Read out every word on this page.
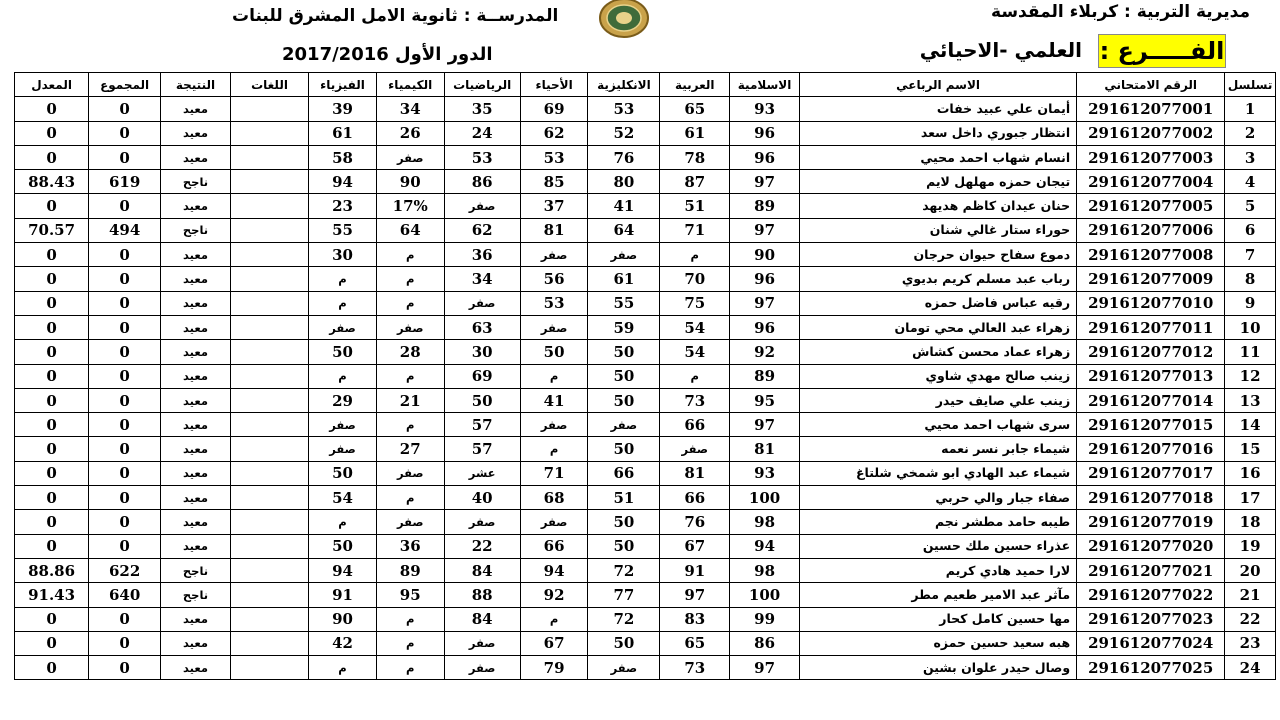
مديرية التربية : كربلاء المقدسة
الفـــــرع :
العلمي -الاحيائي
المدرســة : ثانوية الامل المشرق للبنات
الدور الأول 2017/2016
تسلسل	الرقم الامتحاني	الاسم الرباعي	الاسلامية	العربية	الانكليزية	الأحياء	الرياضيات	الكيمياء	الفيزياء	اللغات	النتيجة	المجموع	المعدل
1	291612077001	أيمان علي عبيد خفات	93	65	53	69	35	34	39		معيد	0	0
2	291612077002	انتظار جبوري داخل سعد	96	61	52	62	24	26	61		معيد	0	0
3	291612077003	انسام شهاب احمد محيي	96	78	76	53	53	صفر	58		معيد	0	0
4	291612077004	تيجان حمزه مهلهل لايم	97	87	80	85	86	90	94		ناجح	619	88.43
5	291612077005	حنان عيدان كاظم هديهد	89	51	41	37	صفر	17%	23		معيد	0	0
6	291612077006	حوراء ستار غالي شنان	97	71	64	81	62	64	55		ناجح	494	70.57
7	291612077008	دموع سفاح حيوان حرجان	90	م	صفر	صفر	36	م	30		معيد	0	0
8	291612077009	رباب عبد مسلم كريم بديوي	96	70	61	56	34	م	م		معيد	0	0
9	291612077010	رقيه عباس فاضل حمزه	97	75	55	53	صفر	م	م		معيد	0	0
10	291612077011	زهراء عبد العالي محي تومان	96	54	59	صفر	63	صفر	صفر		معيد	0	0
11	291612077012	زهراء عماد محسن كشاش	92	54	50	50	30	28	50		معيد	0	0
12	291612077013	زينب صالح مهدي شاوي	89	م	50	م	69	م	م		معيد	0	0
13	291612077014	زينب علي صايف حيدر	95	73	50	41	50	21	29		معيد	0	0
14	291612077015	سرى شهاب احمد محيي	97	66	صفر	صفر	57	م	صفر		معيد	0	0
15	291612077016	شيماء جابر نسر نعمه	81	صفر	50	م	57	27	صفر		معيد	0	0
16	291612077017	شيماء عبد الهادي ابو شمخي شلتاغ	93	81	66	71	عشر	صفر	50		معيد	0	0
17	291612077018	صفاء جبار والي حربي	100	66	51	68	40	م	54		معيد	0	0
18	291612077019	طيبه حامد مطشر نجم	98	76	50	صفر	صفر	صفر	م		معيد	0	0
19	291612077020	عذراء حسين ملك حسين	94	67	50	66	22	36	50		معيد	0	0
20	291612077021	لارا حميد هادي كريم	98	91	72	94	84	89	94		ناجح	622	88.86
21	291612077022	مآثر عبد الامير طعيم مطر	100	97	77	92	88	95	91		ناجح	640	91.43
22	291612077023	مها حسين كامل كحار	99	83	72	م	84	م	90		معيد	0	0
23	291612077024	هبه سعيد حسين حمزه	86	65	50	67	صفر	م	42		معيد	0	0
24	291612077025	وصال حيدر علوان بشين	97	73	صفر	79	صفر	م	م		معيد	0	0
